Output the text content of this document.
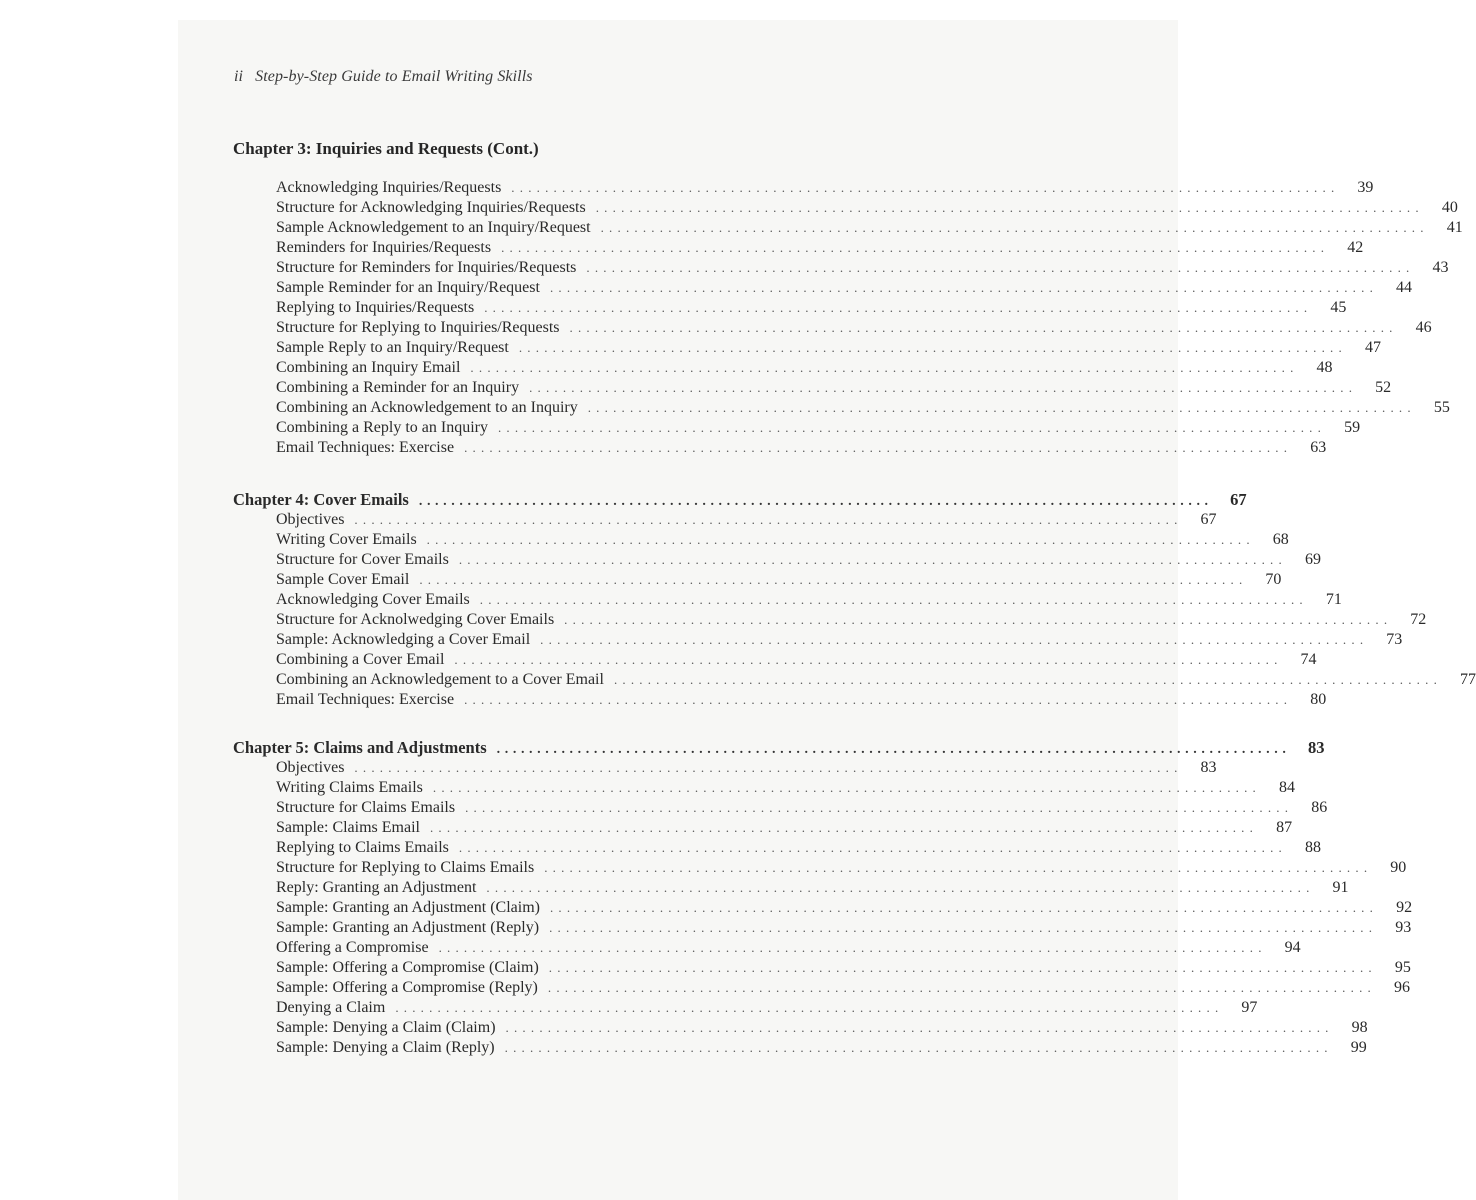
ii Step-by-Step Guide to Email Writing Skills
Chapter 3: Inquiries and Requests (Cont.)
Acknowledging Inquiries/Requests ..................................................................................................	39
Structure for Acknowledging Inquiries/Requests ..................................................................................................	40
Sample Acknowledgement to an Inquiry/Request ..................................................................................................	41
Reminders for Inquiries/Requests ..................................................................................................	42
Structure for Reminders for Inquiries/Requests ..................................................................................................	43
Sample Reminder for an Inquiry/Request ..................................................................................................	44
Replying to Inquiries/Requests ..................................................................................................	45
Structure for Replying to Inquiries/Requests ..................................................................................................	46
Sample Reply to an Inquiry/Request ..................................................................................................	47
Combining an Inquiry Email ..................................................................................................	48
Combining a Reminder for an Inquiry ..................................................................................................	52
Combining an Acknowledgement to an Inquiry ..................................................................................................	55
Combining a Reply to an Inquiry ..................................................................................................	59
Email Techniques: Exercise ..................................................................................................	63
Chapter 4: Cover Emails ..................................................................................................	67
Objectives ..................................................................................................	67
Writing Cover Emails ..................................................................................................	68
Structure for Cover Emails ..................................................................................................	69
Sample Cover Email ..................................................................................................	70
Acknowledging Cover Emails ..................................................................................................	71
Structure for Acknolwedging Cover Emails ..................................................................................................	72
Sample: Acknowledging a Cover Email ..................................................................................................	73
Combining a Cover Email ..................................................................................................	74
Combining an Acknowledgement to a Cover Email ..................................................................................................	77
Email Techniques: Exercise ..................................................................................................	80
Chapter 5: Claims and Adjustments ..................................................................................................	83
Objectives ..................................................................................................	83
Writing Claims Emails ..................................................................................................	84
Structure for Claims Emails ..................................................................................................	86
Sample: Claims Email ..................................................................................................	87
Replying to Claims Emails ..................................................................................................	88
Structure for Replying to Claims Emails ..................................................................................................	90
Reply: Granting an Adjustment ..................................................................................................	91
Sample: Granting an Adjustment (Claim) ..................................................................................................	92
Sample: Granting an Adjustment (Reply) ..................................................................................................	93
Offering a Compromise ..................................................................................................	94
Sample: Offering a Compromise (Claim) ..................................................................................................	95
Sample: Offering a Compromise (Reply) ..................................................................................................	96
Denying a Claim ..................................................................................................	97
Sample: Denying a Claim (Claim) ..................................................................................................	98
Sample: Denying a Claim (Reply) ..................................................................................................	99
